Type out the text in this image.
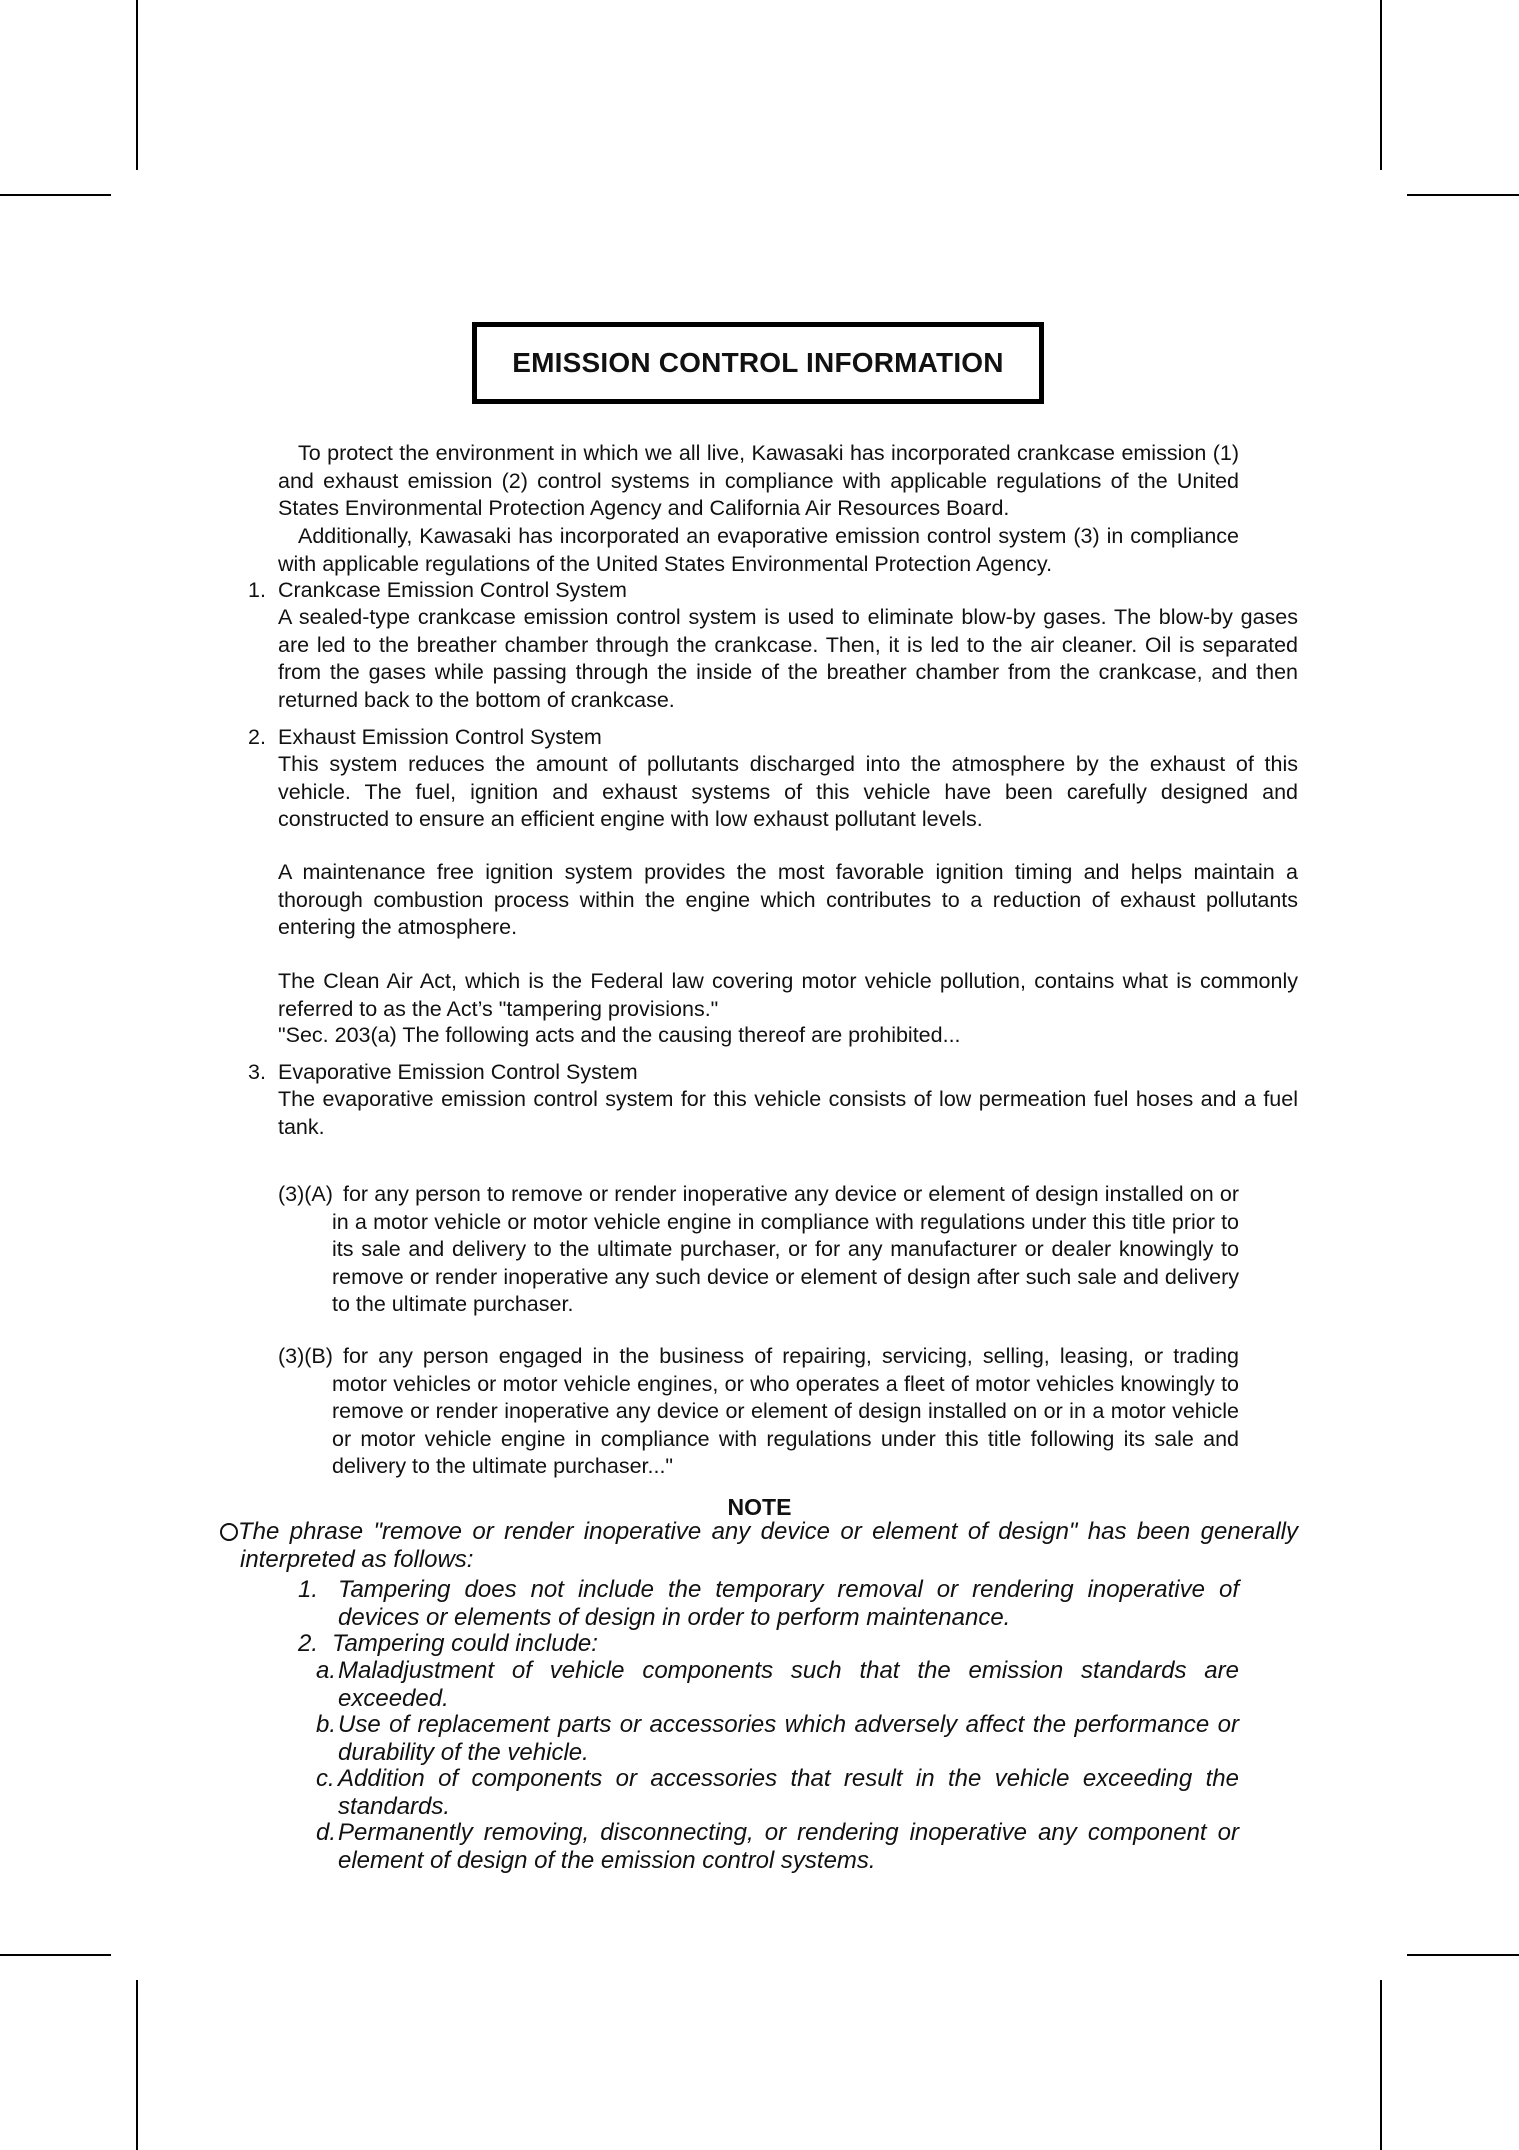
EMISSION CONTROL INFORMATION
To protect the environment in which we all live, Kawasaki has incorporated crankcase emission (1) and exhaust emission (2) control systems in compliance with applicable regulations of the United States Environmental Protection Agency and California Air Resources Board.
Additionally, Kawasaki has incorporated an evaporative emission control system (3) in compliance with applicable regulations of the United States Environmental Protection Agency.
1. Crankcase Emission Control System
A sealed-type crankcase emission control system is used to eliminate blow-by gases. The blow-by gases are led to the breather chamber through the crankcase. Then, it is led to the air cleaner. Oil is separated from the gases while passing through the inside of the breather chamber from the crankcase, and then returned back to the bottom of crankcase.
2. Exhaust Emission Control System
This system reduces the amount of pollutants discharged into the atmosphere by the exhaust of this vehicle. The fuel, ignition and exhaust systems of this vehicle have been carefully designed and constructed to ensure an efficient engine with low exhaust pollutant levels.
A maintenance free ignition system provides the most favorable ignition timing and helps maintain a thorough combustion process within the engine which contributes to a reduction of exhaust pollutants entering the atmosphere.
The Clean Air Act, which is the Federal law covering motor vehicle pollution, contains what is commonly referred to as the Act’s "tampering provisions."
"Sec. 203(a) The following acts and the causing thereof are prohibited...
3. Evaporative Emission Control System
The evaporative emission control system for this vehicle consists of low permeation fuel hoses and a fuel tank.
(3)(A) for any person to remove or render inoperative any device or element of design installed on or in a motor vehicle or motor vehicle engine in compliance with regulations under this title prior to its sale and delivery to the ultimate purchaser, or for any manufacturer or dealer knowingly to remove or render inoperative any such device or element of design after such sale and delivery to the ultimate purchaser.
(3)(B) for any person engaged in the business of repairing, servicing, selling, leasing, or trading motor vehicles or motor vehicle engines, or who operates a fleet of motor vehicles knowingly to remove or render inoperative any device or element of design installed on or in a motor vehicle or motor vehicle engine in compliance with regulations under this title following its sale and delivery to the ultimate purchaser..."
NOTE
The phrase "remove or render inoperative any device or element of design" has been generally interpreted as follows:
1. Tampering does not include the temporary removal or rendering inoperative of devices or elements of design in order to perform maintenance.
2. Tampering could include:
a. Maladjustment of vehicle components such that the emission standards are exceeded.
b. Use of replacement parts or accessories which adversely affect the performance or durability of the vehicle.
c. Addition of components or accessories that result in the vehicle exceeding the standards.
d. Permanently removing, disconnecting, or rendering inoperative any component or element of design of the emission control systems.
